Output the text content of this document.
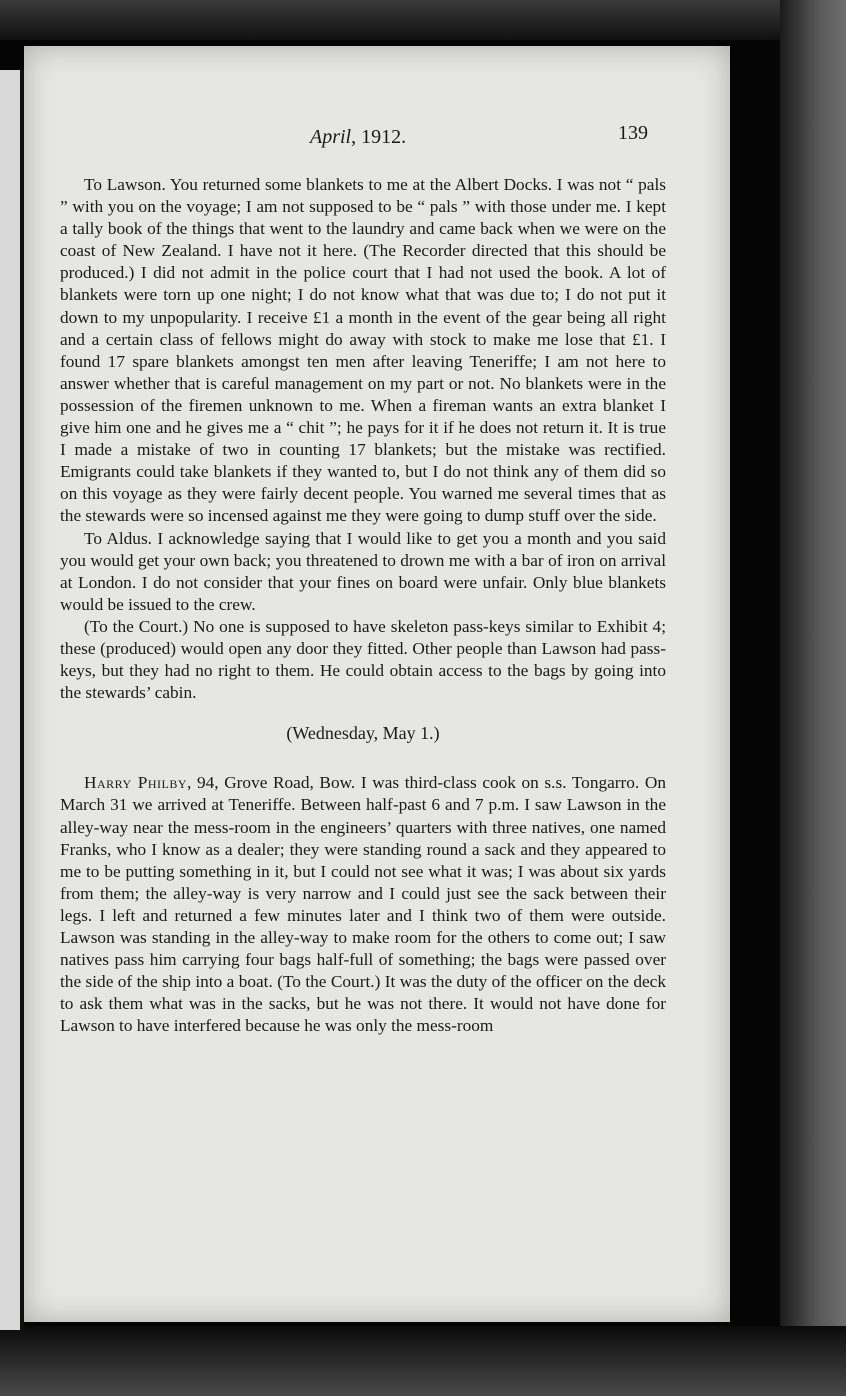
April, 1912.	139

To Lawson. You returned some blankets to me at the Albert Docks. I was not “ pals ” with you on the voyage; I am not supposed to be “ pals ” with those under me. I kept a tally book of the things that went to the laundry and came back when we were on the coast of New Zealand. I have not it here. (The Recorder directed that this should be produced.) I did not admit in the police court that I had not used the book. A lot of blankets were torn up one night; I do not know what that was due to; I do not put it down to my unpopularity. I receive £1 a month in the event of the gear being all right and a certain class of fellows might do away with stock to make me lose that £1. I found 17 spare blankets amongst ten men after leaving Teneriffe; I am not here to answer whether that is careful management on my part or not. No blankets were in the possession of the firemen unknown to me. When a fireman wants an extra blanket I give him one and he gives me a “ chit ”; he pays for it if he does not return it. It is true I made a mistake of two in counting 17 blankets; but the mistake was rectified. Emigrants could take blankets if they wanted to, but I do not think any of them did so on this voyage as they were fairly decent people. You warned me several times that as the stewards were so incensed against me they were going to dump stuff over the side.

To Aldus. I acknowledge saying that I would like to get you a month and you said you would get your own back; you threatened to drown me with a bar of iron on arrival at London. I do not consider that your fines on board were unfair. Only blue blankets would be issued to the crew.

(To the Court.) No one is supposed to have skeleton pass-keys similar to Exhibit 4; these (produced) would open any door they fitted. Other people than Lawson had pass-keys, but they had no right to them. He could obtain access to the bags by going into the stewards’ cabin.

(Wednesday, May 1.)

Harry Philby, 94, Grove Road, Bow. I was third-class cook on s.s. Tongarro. On March 31 we arrived at Teneriffe. Between half-past 6 and 7 p.m. I saw Lawson in the alley-way near the mess-room in the engineers’ quarters with three natives, one named Franks, who I know as a dealer; they were standing round a sack and they appeared to me to be putting something in it, but I could not see what it was; I was about six yards from them; the alley-way is very narrow and I could just see the sack between their legs. I left and returned a few minutes later and I think two of them were outside. Lawson was standing in the alley-way to make room for the others to come out; I saw natives pass him carrying four bags half-full of something; the bags were passed over the side of the ship into a boat. (To the Court.) It was the duty of the officer on the deck to ask them what was in the sacks, but he was not there. It would not have done for Lawson to have interfered because he was only the mess-room
